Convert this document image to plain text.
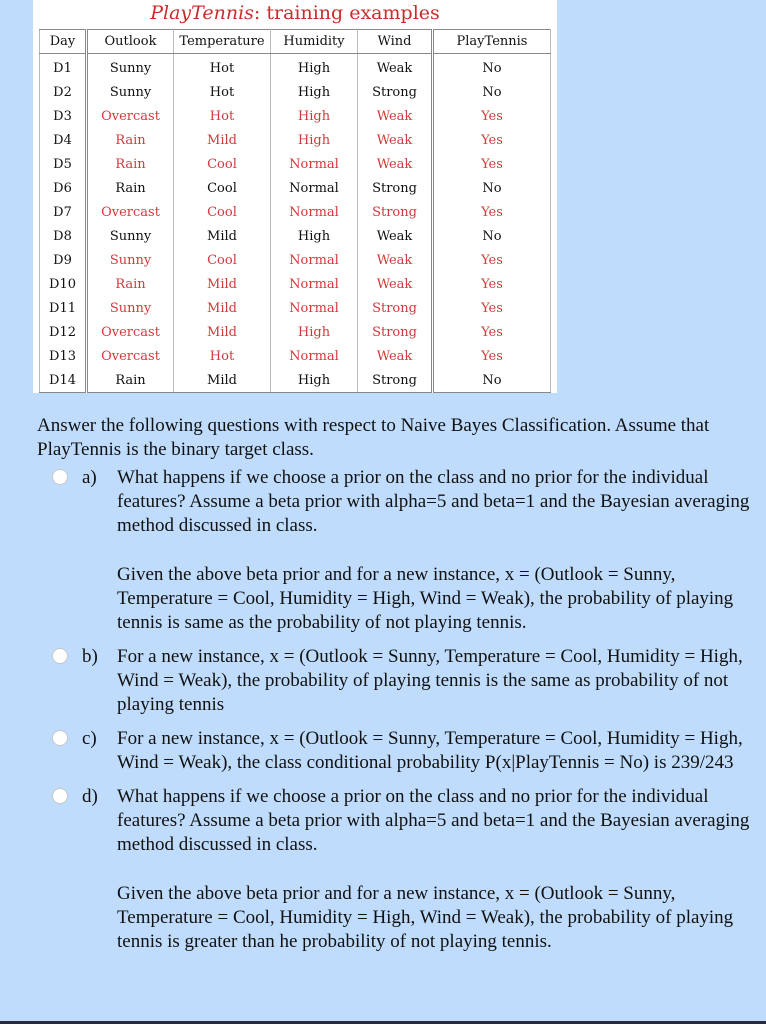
PlayTennis: training examples
Day	Outlook	Temperature	Humidity	Wind	PlayTennis
D1	Sunny	Hot	High	Weak	No
D2	Sunny	Hot	High	Strong	No
D3	Overcast	Hot	High	Weak	Yes
D4	Rain	Mild	High	Weak	Yes
D5	Rain	Cool	Normal	Weak	Yes
D6	Rain	Cool	Normal	Strong	No
D7	Overcast	Cool	Normal	Strong	Yes
D8	Sunny	Mild	High	Weak	No
D9	Sunny	Cool	Normal	Weak	Yes
D10	Rain	Mild	Normal	Weak	Yes
D11	Sunny	Mild	Normal	Strong	Yes
D12	Overcast	Mild	High	Strong	Yes
D13	Overcast	Hot	Normal	Weak	Yes
D14	Rain	Mild	High	Strong	No

Answer the following questions with respect to Naive Bayes Classification. Assume that PlayTennis is the binary target class.

a) What happens if we choose a prior on the class and no prior for the individual features? Assume a beta prior with alpha=5 and beta=1 and the Bayesian averaging method discussed in class.

Given the above beta prior and for a new instance, x = (Outlook = Sunny, Temperature = Cool, Humidity = High, Wind = Weak), the probability of playing tennis is same as the probability of not playing tennis.

b) For a new instance, x = (Outlook = Sunny, Temperature = Cool, Humidity = High, Wind = Weak), the probability of playing tennis is the same as probability of not playing tennis

c) For a new instance, x = (Outlook = Sunny, Temperature = Cool, Humidity = High, Wind = Weak), the class conditional probability P(x|PlayTennis = No) is 239/243

d) What happens if we choose a prior on the class and no prior for the individual features? Assume a beta prior with alpha=5 and beta=1 and the Bayesian averaging method discussed in class.

Given the above beta prior and for a new instance, x = (Outlook = Sunny, Temperature = Cool, Humidity = High, Wind = Weak), the probability of playing tennis is greater than he probability of not playing tennis.
